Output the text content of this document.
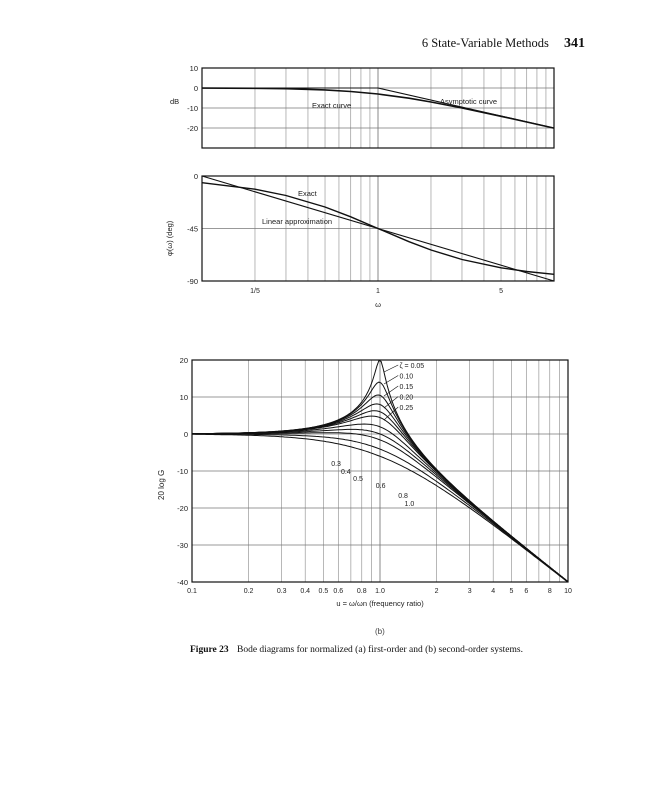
6 State-Variable Methods 341
10
0
-10
-20
dB	Exact curve	Asymptotic curve
0
-45
-90
φ(ω) (deg)
Exact
Linear approximation
1/5	1	5
ω
20
10
0
-10
-20
-30
-40
20 log G
0.1	0.2	0.3 0.4 0.5 0.6 0.8 1.0	2	3	4 5 6	8 10
u = ω/ωn (frequency ratio)
ζ = 0.05
0.10
0.15
0.20
0.25
0.3
0.4
0.5
0.6
0.8
1.0
(b)
Figure 23 Bode diagrams for normalized (a) first-order and (b) second-order systems.
